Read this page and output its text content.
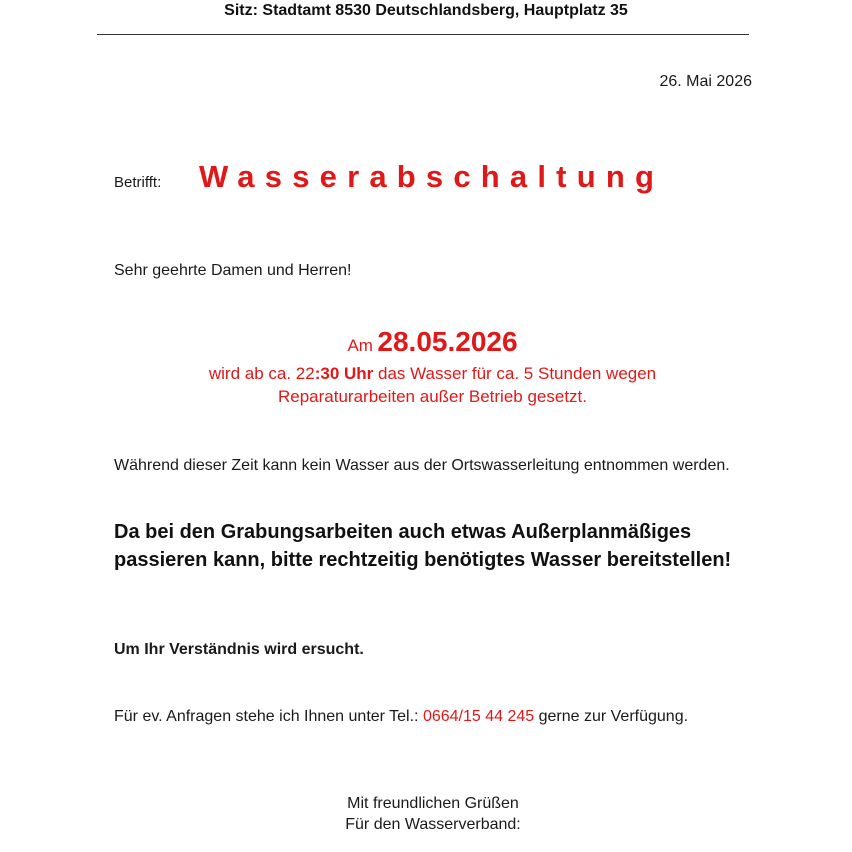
Sitz: Stadtamt 8530 Deutschlandsberg, Hauptplatz 35
26. Mai 2026
Betrifft: Wasserabschaltung
Sehr geehrte Damen und Herren!
Am 28.05.2026
wird ab ca. 22:30 Uhr das Wasser für ca. 5 Stunden wegen
Reparaturarbeiten außer Betrieb gesetzt.
Während dieser Zeit kann kein Wasser aus der Ortswasserleitung entnommen werden.
Da bei den Grabungsarbeiten auch etwas Außerplanmäßiges passieren kann, bitte rechtzeitig benötigtes Wasser bereitstellen!
Um Ihr Verständnis wird ersucht.
Für ev. Anfragen stehe ich Ihnen unter Tel.: 0664/15 44 245 gerne zur Verfügung.
Mit freundlichen Grüßen
Für den Wasserverband:
